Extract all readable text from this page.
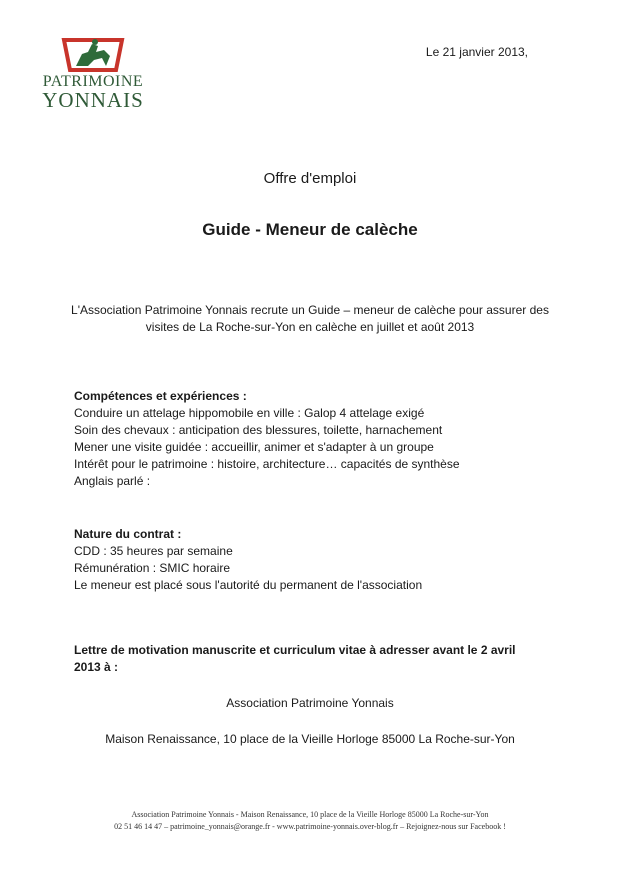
PATRIMOINE
YONNAIS
Le 21 janvier 2013,
Offre d'emploi
Guide - Meneur de calèche
L'Association Patrimoine Yonnais recrute un Guide – meneur de calèche pour assurer des visites de La Roche-sur-Yon en calèche en juillet et août 2013
Compétences et expériences :
Conduire un attelage hippomobile en ville : Galop 4 attelage exigé
Soin des chevaux : anticipation des blessures, toilette, harnachement
Mener une visite guidée : accueillir, animer et s'adapter à un groupe
Intérêt pour le patrimoine : histoire, architecture… capacités de synthèse
Anglais parlé :
Nature du contrat :
CDD : 35 heures par semaine
Rémunération : SMIC horaire
Le meneur est placé sous l'autorité du permanent de l'association
Lettre de motivation manuscrite et curriculum vitae à adresser avant le 2 avril 2013 à :
Association Patrimoine Yonnais
Maison Renaissance, 10 place de la Vieille Horloge 85000 La Roche-sur-Yon
Association Patrimoine Yonnais - Maison Renaissance, 10 place de la Vieille Horloge 85000 La Roche-sur-Yon
02 51 46 14 47 – patrimoine_yonnais@orange.fr - www.patrimoine-yonnais.over-blog.fr – Rejoignez-nous sur Facebook !
